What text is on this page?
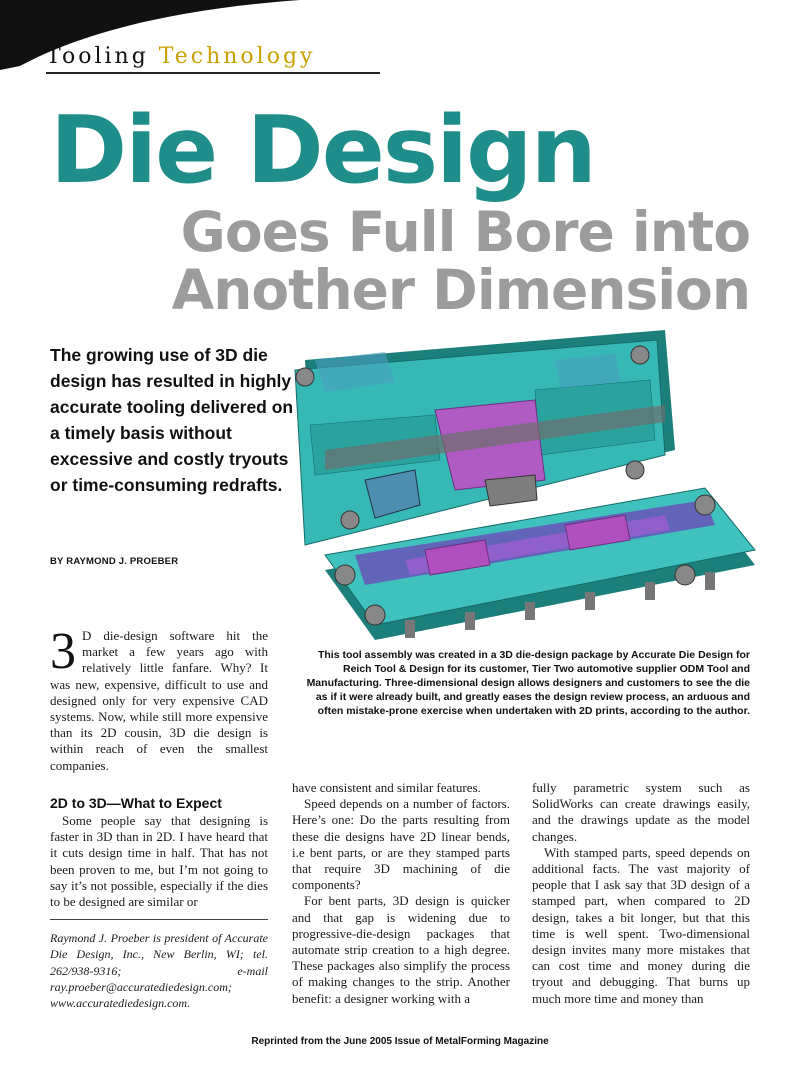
Tooling Technology
Die Design
Goes Full Bore into Another Dimension
The growing use of 3D die design has resulted in highly accurate tooling delivered on a timely basis without excessive and costly tryouts or time-consuming redrafts.
BY RAYMOND J. PROEBER
This tool assembly was created in a 3D die-design package by Accurate Die Design for Reich Tool & Design for its customer, Tier Two automotive supplier ODM Tool and Manufacturing. Three-dimensional design allows designers and customers to see the die as if it were already built, and greatly eases the design review process, an arduous and often mistake-prone exercise when undertaken with 2D prints, according to the author.
3 D die-design software hit the market a few years ago with relatively little fanfare. Why? It was new, expensive, difficult to use and designed only for very expensive CAD systems. Now, while still more expensive than its 2D cousin, 3D die design is within reach of even the smallest companies.
2D to 3D—What to Expect

Some people say that designing is faster in 3D than in 2D. I have heard that it cuts design time in half. That has not been proven to me, but I’m not going to say it’s not possible, especially if the dies to be designed are similar or

Raymond J. Proeber is president of Accurate Die Design, Inc., New Berlin, WI; tel. 262/938-9316; e-mail ray.proeber@accuratediedesign.com; www.accuratediedesign.com.

have consistent and similar features.

Speed depends on a number of factors. Here’s one: Do the parts resulting from these die designs have 2D linear bends, i.e bent parts, or are they stamped parts that require 3D machining of die components?

For bent parts, 3D design is quicker and that gap is widening due to progressive-die-design packages that automate strip creation to a high degree. These packages also simplify the process of making changes to the strip. Another benefit: a designer working with a

fully parametric system such as SolidWorks can create drawings easily, and the drawings update as the model changes.

With stamped parts, speed depends on additional facts. The vast majority of people that I ask say that 3D design of a stamped part, when compared to 2D design, takes a bit longer, but that this time is well spent. Two-dimensional design invites many more mistakes that can cost time and money during die tryout and debugging. That burns up much more time and money than

Reprinted from the June 2005 Issue of MetalForming Magazine
